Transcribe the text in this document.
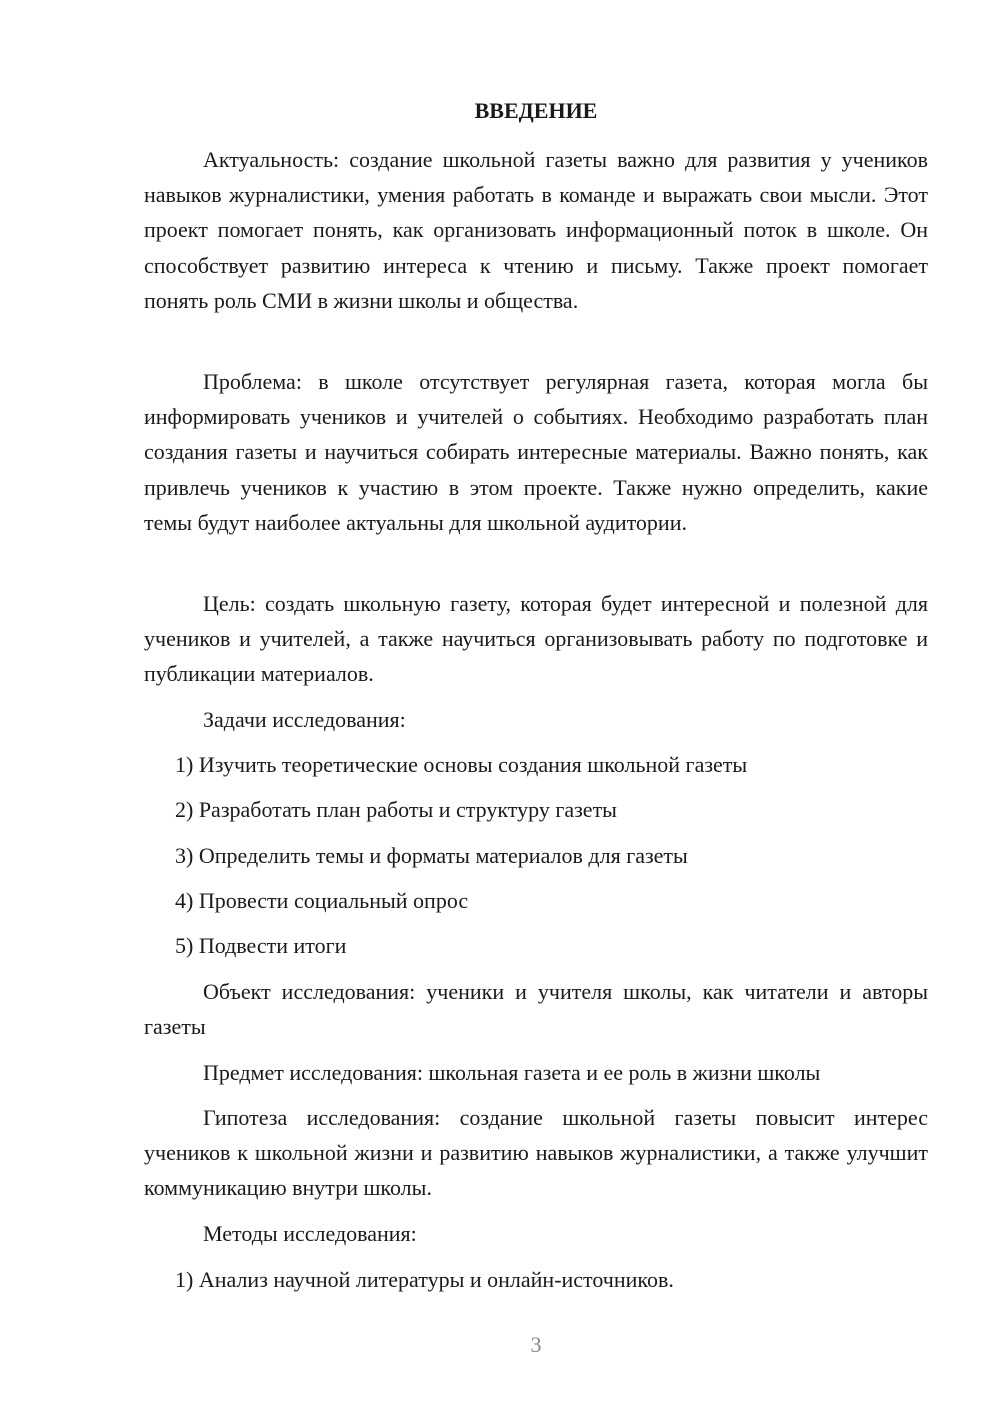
ВВЕДЕНИЕ

Актуальность: создание школьной газеты важно для развития у учеников навыков журналистики, умения работать в команде и выражать свои мысли. Этот проект помогает понять, как организовать информационный поток в школе. Он способствует развитию интереса к чтению и письму. Также проект помогает понять роль СМИ в жизни школы и общества.

Проблема: в школе отсутствует регулярная газета, которая могла бы информировать учеников и учителей о событиях. Необходимо разработать план создания газеты и научиться собирать интересные материалы. Важно понять, как привлечь учеников к участию в этом проекте. Также нужно определить, какие темы будут наиболее актуальны для школьной аудитории.

Цель: создать школьную газету, которая будет интересной и полезной для учеников и учителей, а также научиться организовывать работу по подготовке и публикации материалов.

Задачи исследования:
1) Изучить теоретические основы создания школьной газеты
2) Разработать план работы и структуру газеты
3) Определить темы и форматы материалов для газеты
4) Провести социальный опрос
5) Подвести итоги

Объект исследования: ученики и учителя школы, как читатели и авторы газеты

Предмет исследования: школьная газета и ее роль в жизни школы

Гипотеза исследования: создание школьной газеты повысит интерес учеников к школьной жизни и развитию навыков журналистики, а также улучшит коммуникацию внутри школы.

Методы исследования:
1) Анализ научной литературы и онлайн-источников.
3
